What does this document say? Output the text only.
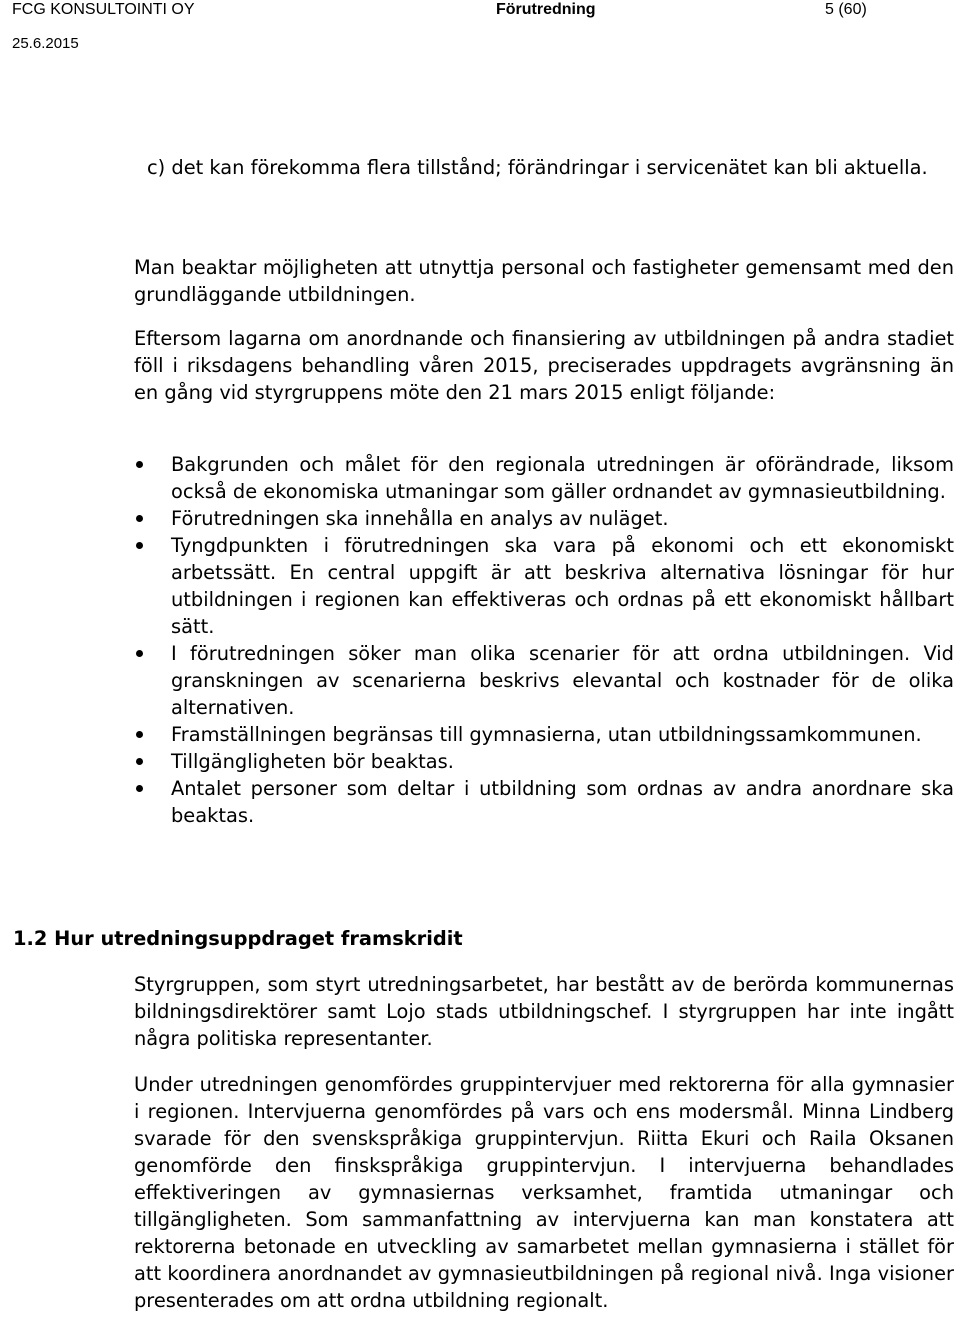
FCG KONSULTOINTI OY	Förutredning	5 (60)
25.6.2015

c) det kan förekomma flera tillstånd; förändringar i servicenätet kan bli aktuella.

Man beaktar möjligheten att utnyttja personal och fastigheter gemensamt med den grundläggande utbildningen.

Eftersom lagarna om anordnande och finansiering av utbildningen på andra stadiet föll i riksdagens behandling våren 2015, preciserades uppdragets avgränsning än en gång vid styrgruppens möte den 21 mars 2015 enligt följande:

Bakgrunden och målet för den regionala utredningen är oförändrade, liksom också de ekonomiska utmaningar som gäller ordnandet av gymnasieutbildning.
Förutredningen ska innehålla en analys av nuläget.
Tyngdpunkten i förutredningen ska vara på ekonomi och ett ekonomiskt arbetssätt. En central uppgift är att beskriva alternativa lösningar för hur utbildningen i regionen kan effektiveras och ordnas på ett ekonomiskt hållbart sätt.
I förutredningen söker man olika scenarier för att ordna utbildningen. Vid granskningen av scenarierna beskrivs elevantal och kostnader för de olika alternativen.
Framställningen begränsas till gymnasierna, utan utbildningssamkommunen.
Tillgängligheten bör beaktas.
Antalet personer som deltar i utbildning som ordnas av andra anordnare ska beaktas.
1.2 Hur utredningsuppdraget framskridit

Styrgruppen, som styrt utredningsarbetet, har bestått av de berörda kommunernas bildningsdirektörer samt Lojo stads utbildningschef. I styrgruppen har inte ingått några politiska representanter.

Under utredningen genomfördes gruppintervjuer med rektorerna för alla gymnasier i regionen. Intervjuerna genomfördes på vars och ens modersmål. Minna Lindberg svarade för den svenskspråkiga gruppintervjun. Riitta Ekuri och Raila Oksanen genomförde den finskspråkiga gruppintervjun. I intervjuerna behandlades effektiveringen av gymnasiernas verksamhet, framtida utmaningar och tillgängligheten. Som sammanfattning av intervjuerna kan man konstatera att rektorerna betonade en utveckling av samarbetet mellan gymnasierna i stället för att koordinera anordnandet av gymnasieutbildningen på regional nivå. Inga visioner presenterades om att ordna utbildning regionalt.
